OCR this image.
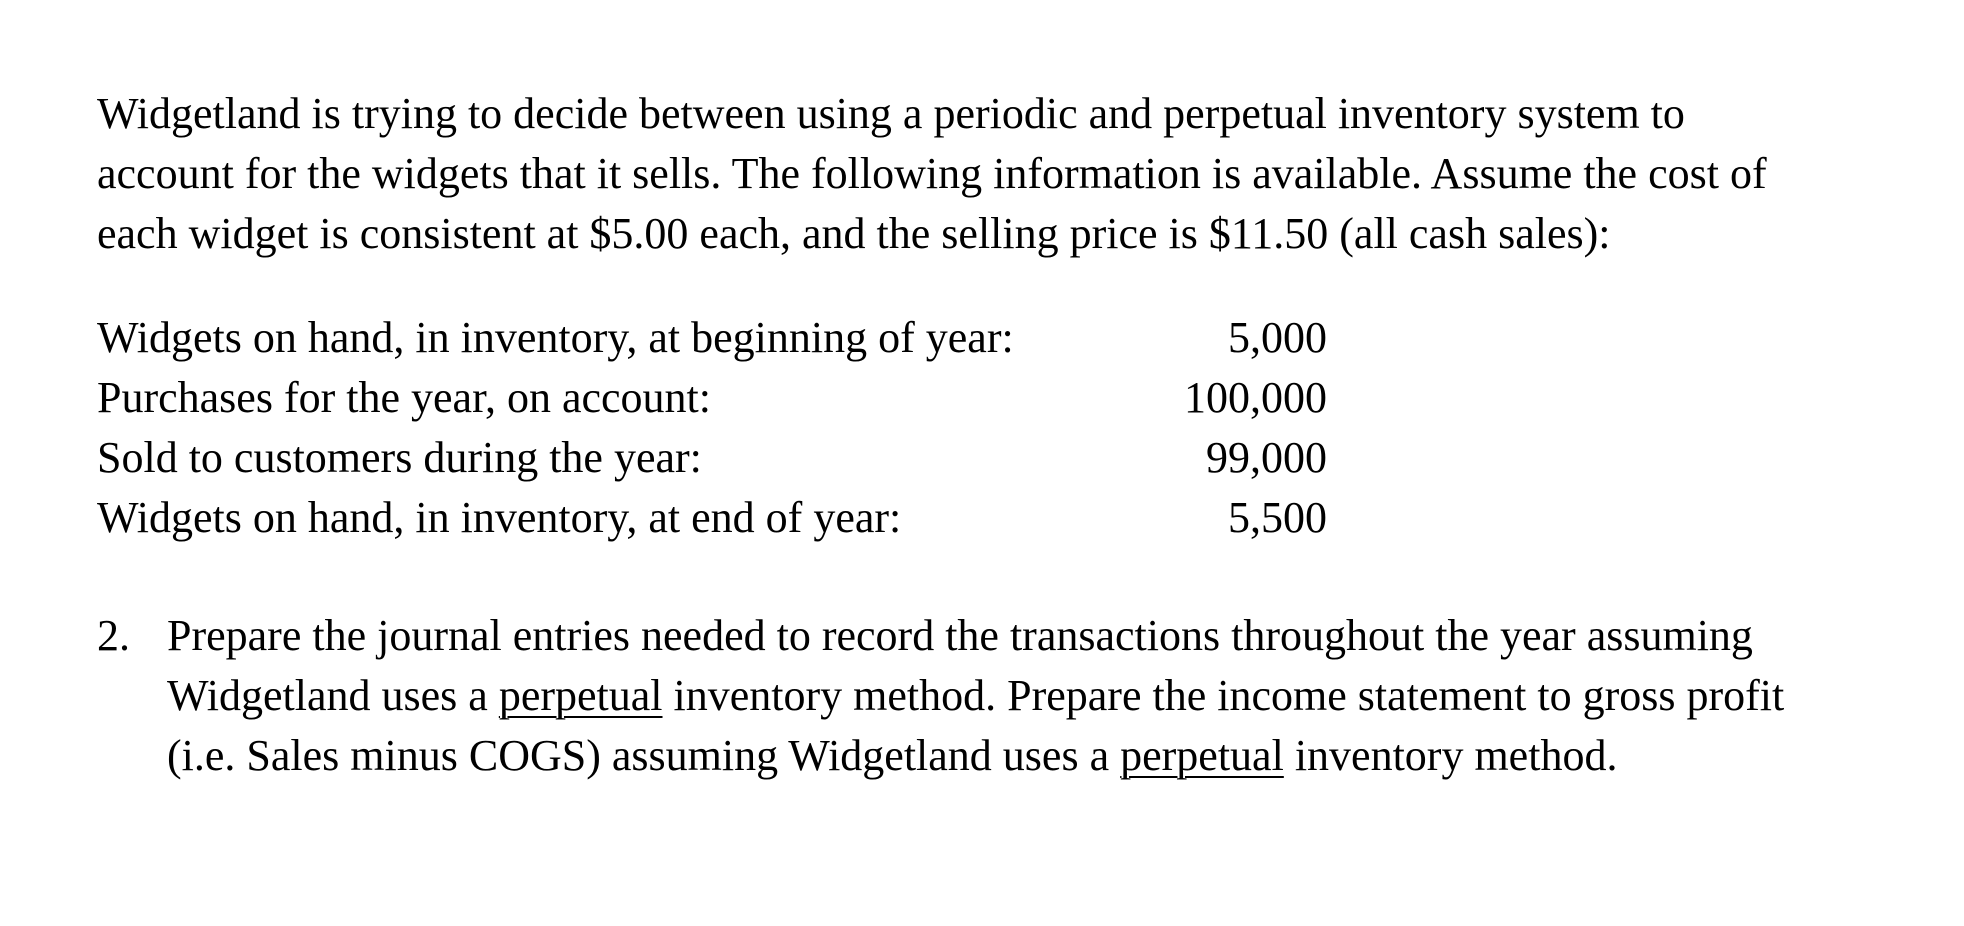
Widgetland is trying to decide between using a periodic and perpetual inventory system to
account for the widgets that it sells. The following information is available. Assume the cost of
each widget is consistent at $5.00 each, and the selling price is $11.50 (all cash sales):

Widgets on hand, in inventory, at beginning of year:	5,000
Purchases for the year, on account:	100,000
Sold to customers during the year:	99,000
Widgets on hand, in inventory, at end of year:	5,500
2. Prepare the journal entries needed to record the transactions throughout the year assuming
Widgetland uses a perpetual inventory method. Prepare the income statement to gross profit
(i.e. Sales minus COGS) assuming Widgetland uses a perpetual inventory method.
